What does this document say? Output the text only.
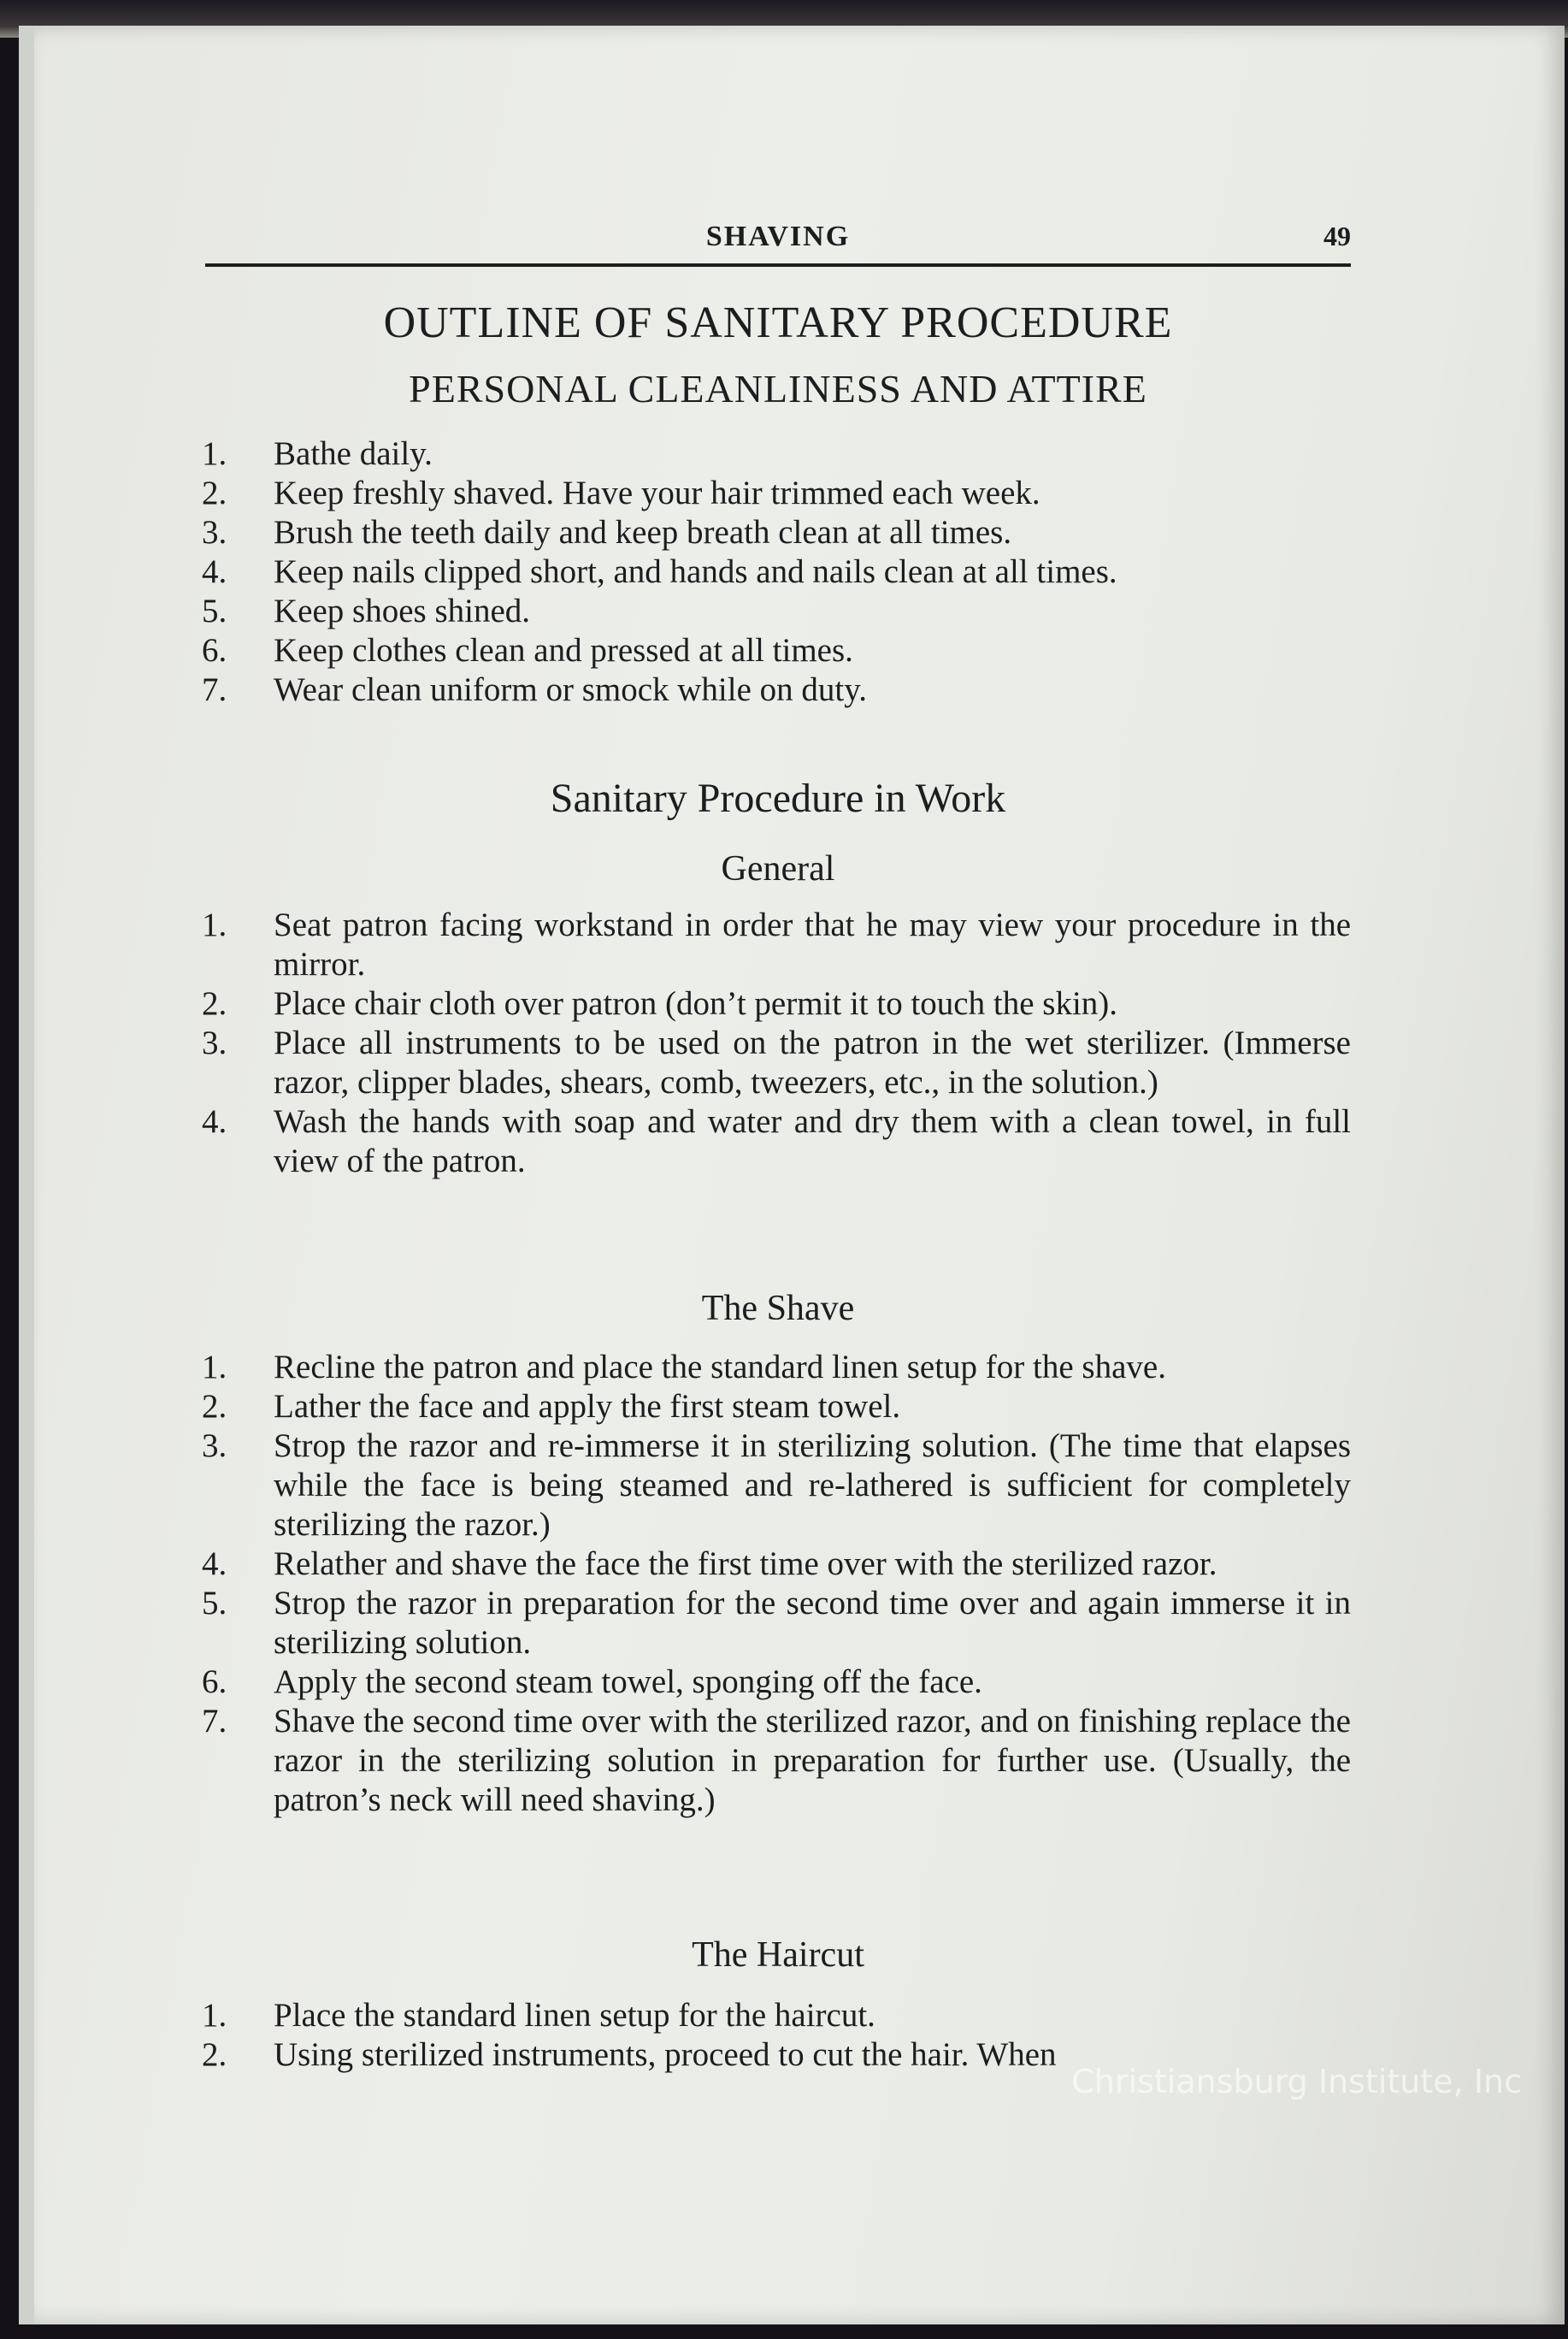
SHAVING	49
OUTLINE OF SANITARY PROCEDURE
PERSONAL CLEANLINESS AND ATTIRE
1. Bathe daily.
2. Keep freshly shaved. Have your hair trimmed each week.
3. Brush the teeth daily and keep breath clean at all times.
4. Keep nails clipped short, and hands and nails clean at all times.
5. Keep shoes shined.
6. Keep clothes clean and pressed at all times.
7. Wear clean uniform or smock while on duty.
Sanitary Procedure in Work
General
1. Seat patron facing workstand in order that he may view your procedure in the mirror.
2. Place chair cloth over patron (don’t permit it to touch the skin).
3. Place all instruments to be used on the patron in the wet sterilizer. (Immerse razor, clipper blades, shears, comb, tweezers, etc., in the solution.)
4. Wash the hands with soap and water and dry them with a clean towel, in full view of the patron.
The Shave
1. Recline the patron and place the standard linen setup for the shave.
2. Lather the face and apply the first steam towel.
3. Strop the razor and re-immerse it in sterilizing solution. (The time that elapses while the face is being steamed and re-lathered is sufficient for completely sterilizing the razor.)
4. Relather and shave the face the first time over with the sterilized razor.
5. Strop the razor in preparation for the second time over and again immerse it in sterilizing solution.
6. Apply the second steam towel, sponging off the face.
7. Shave the second time over with the sterilized razor, and on finishing replace the razor in the sterilizing solution in preparation for further use. (Usually, the patron’s neck will need shaving.)
The Haircut
1. Place the standard linen setup for the haircut.
2. Using sterilized instruments, proceed to cut the hair. When
Christiansburg Institute, Inc
